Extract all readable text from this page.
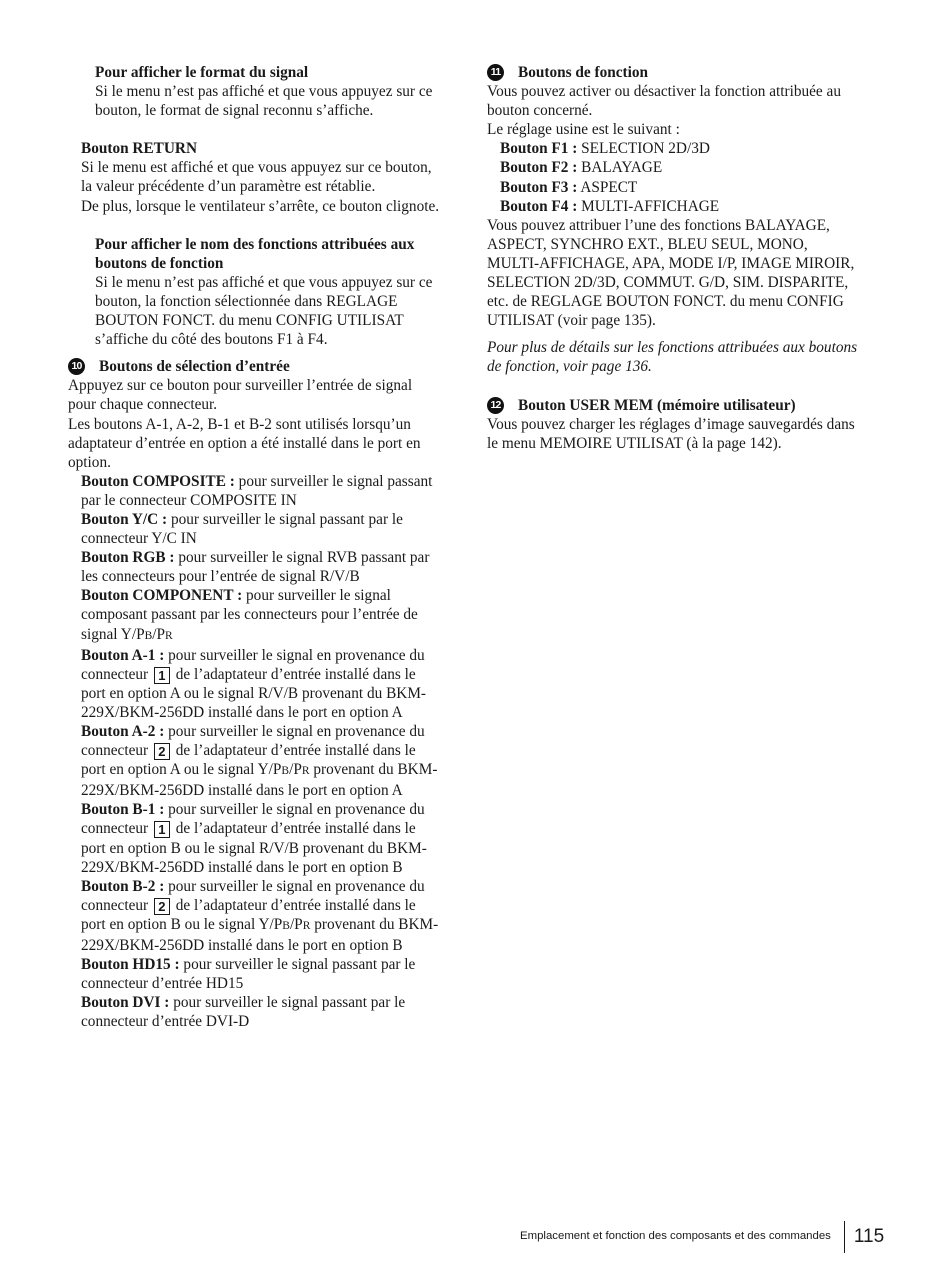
Pour afficher le format du signal

Si le menu n’est pas affiché et que vous appuyez sur ce bouton, le format de signal reconnu s’affiche.

Bouton RETURN

Si le menu est affiché et que vous appuyez sur ce bouton, la valeur précédente d’un paramètre est rétablie.

De plus, lorsque le ventilateur s’arrête, ce bouton clignote.

Pour afficher le nom des fonctions attribuées aux boutons de fonction

Si le menu n’est pas affiché et que vous appuyez sur ce bouton, la fonction sélectionnée dans REGLAGE BOUTON FONCT. du menu CONFIG UTILISAT s’affiche du côté des boutons F1 à F4.

10 Boutons de sélection d’entrée

Appuyez sur ce bouton pour surveiller l’entrée de signal pour chaque connecteur.

Les boutons A-1, A-2, B-1 et B-2 sont utilisés lorsqu’un adaptateur d’entrée en option a été installé dans le port en option.

Bouton COMPOSITE : pour surveiller le signal passant par le connecteur COMPOSITE IN

Bouton Y/C : pour surveiller le signal passant par le connecteur Y/C IN

Bouton RGB : pour surveiller le signal RVB passant par les connecteurs pour l’entrée de signal R/V/B

Bouton COMPONENT : pour surveiller le signal composant passant par les connecteurs pour l’entrée de signal Y/PB/PR

Bouton A-1 : pour surveiller le signal en provenance du connecteur 1 de l’adaptateur d’entrée installé dans le port en option A ou le signal R/V/B provenant du BKM-229X/BKM-256DD installé dans le port en option A

Bouton A-2 : pour surveiller le signal en provenance du connecteur 2 de l’adaptateur d’entrée installé dans le port en option A ou le signal Y/PB/PR provenant du BKM-229X/BKM-256DD installé dans le port en option A

Bouton B-1 : pour surveiller le signal en provenance du connecteur 1 de l’adaptateur d’entrée installé dans le port en option B ou le signal R/V/B provenant du BKM-229X/BKM-256DD installé dans le port en option B

Bouton B-2 : pour surveiller le signal en provenance du connecteur 2 de l’adaptateur d’entrée installé dans le port en option B ou le signal Y/PB/PR provenant du BKM-229X/BKM-256DD installé dans le port en option B

Bouton HD15 : pour surveiller le signal passant par le connecteur d’entrée HD15

Bouton DVI : pour surveiller le signal passant par le connecteur d’entrée DVI-D

11 Boutons de fonction

Vous pouvez activer ou désactiver la fonction attribuée au bouton concerné.

Le réglage usine est le suivant :

Bouton F1 : SELECTION 2D/3D

Bouton F2 : BALAYAGE

Bouton F3 : ASPECT

Bouton F4 : MULTI-AFFICHAGE

Vous pouvez attribuer l’une des fonctions BALAYAGE, ASPECT, SYNCHRO EXT., BLEU SEUL, MONO, MULTI-AFFICHAGE, APA, MODE I/P, IMAGE MIROIR, SELECTION 2D/3D, COMMUT. G/D, SIM. DISPARITE, etc. de REGLAGE BOUTON FONCT. du menu CONFIG UTILISAT (voir page 135).

Pour plus de détails sur les fonctions attribuées aux boutons de fonction, voir page 136.

12 Bouton USER MEM (mémoire utilisateur)

Vous pouvez charger les réglages d’image sauvegardés dans le menu MEMOIRE UTILISAT (à la page 142).

Emplacement et fonction des composants et des commandes 115
